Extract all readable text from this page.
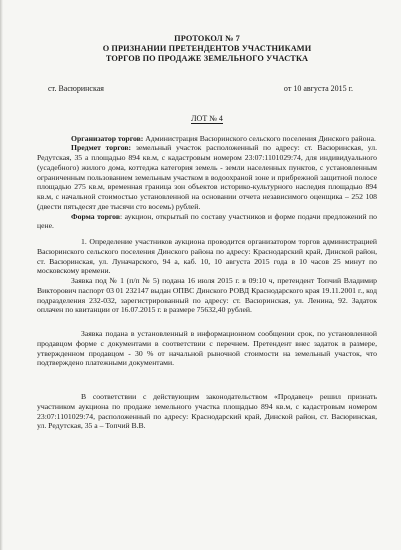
ПРОТОКОЛ № 7
О ПРИЗНАНИИ ПРЕТЕНДЕНТОВ УЧАСТНИКАМИ
ТОРГОВ ПО ПРОДАЖЕ ЗЕМЕЛЬНОГО УЧАСТКА
ст. Васюринская	от 10 августа 2015 г.
ЛОТ № 4

Организатор торгов: Администрация Васюринского сельского поселения Динского района.

Предмет торгов: земельный участок расположенный по адресу: ст. Васюринская, ул. Редутская, 35 а площадью 894 кв.м, с кадастровым номером 23:07:1101029:74, для индивидуального (усадебного) жилого дома, коттеджа категория земель - земли населенных пунктов, с установленным ограниченным пользованием земельным участком в водоохраной зоне и прибрежной защитной полосе площадью 275 кв.м, временная граница зон объектов историко-культурного наследия площадью 894 кв.м, с начальной стоимостью установленной на основании отчета независимого оценщика – 252 108 (двести пятьдесят две тысячи сто восемь) рублей.

Форма торгов: аукцион, открытый по составу участников и форме подачи предложений по цене.

1. Определение участников аукциона проводится организатором торгов администрацией Васюринского сельского поселения Динского района по адресу: Краснодарский край, Динской район, ст. Васюринская, ул. Луначарского, 94 а, каб. 10, 10 августа 2015 года в 10 часов 25 минут по московскому времени.

Заявка под № 1 (п/п № 5) подана 16 июля 2015 г. в 09:10 ч, претендент Топчий Владимир Викторович паспорт 03 01 232147 выдан ОПВС Динского РОВД Краснодарского края 19.11.2001 г., код подразделения 232-032, зарегистрированный по адресу: ст. Васюринская, ул. Ленина, 92. Задаток оплачен по квитанции от 16.07.2015 г. в размере 75632,40 рублей.

Заявка подана в установленный в информационном сообщении срок, по установленной продавцом форме с документами в соответствии с перечнем. Претендент внес задаток в размере, утвержденном продавцом - 30 % от начальной рыночной стоимости на земельный участок, что подтверждено платежными документами.

В соответствии с действующим законодательством «Продавец» решил признать участником аукциона по продаже земельного участка площадью 894 кв.м, с кадастровым номером 23:07:1101029:74, расположенный по адресу: Краснодарский край, Динской район, ст. Васюринская, ул. Редутская, 35 а – Топчий В.В.
